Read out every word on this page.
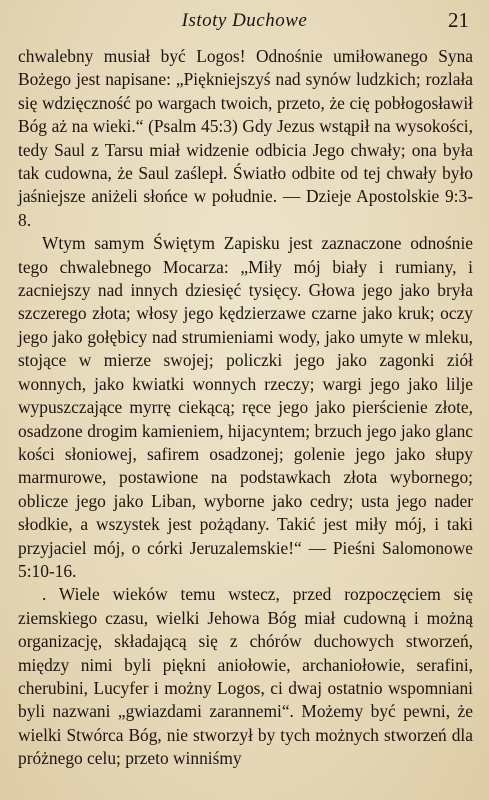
Istoty Duchowe	21

chwalebny musiał być Logos! Odnośnie umiłowanego Syna Bożego jest napisane: „Piękniejszyś nad synów ludzkich; rozlała się wdzięczność po wargach twoich, przeto, że cię pobłogosławił Bóg aż na wieki.“ (Psalm 45:3) Gdy Jezus wstąpił na wysokości, tedy Saul z Tarsu miał widzenie odbicia Jego chwały; ona była tak cudowna, że Saul zaślepł. Światło odbite od tej chwały było jaśniejsze aniżeli słońce w południe. — Dzieje Apostolskie 9:3-8.

Wtym samym Świętym Zapisku jest zaznaczone odnośnie tego chwalebnego Mocarza: „Miły mój biały i rumiany, i zacniejszy nad innych dziesięć tysięcy. Głowa jego jako bryła szczerego złota; włosy jego kędzierzawe czarne jako kruk; oczy jego jako gołębicy nad strumieniami wody, jako umyte w mleku, stojące w mierze swojej; policzki jego jako zagonki ziół wonnych, jako kwiatki wonnych rzeczy; wargi jego jako lilje wypuszczające myrrę ciekącą; ręce jego jako pierścienie złote, osadzone drogim kamieniem, hijacyntem; brzuch jego jako glanc kości słoniowej, safirem osadzonej; golenie jego jako słupy marmurowe, postawione na podstawkach złota wybornego; oblicze jego jako Liban, wyborne jako cedry; usta jego nader słodkie, a wszystek jest pożądany. Takić jest miły mój, i taki przyjaciel mój, o córki Jeruzalemskie!“ — Pieśni Salomonowe 5:10-16.

. Wiele wieków temu wstecz, przed rozpoczęciem się ziemskiego czasu, wielki Jehowa Bóg miał cudowną i możną organizację, składającą się z chórów duchowych stworzeń, między nimi byli piękni aniołowie, archaniołowie, serafini, cherubini, Lucyfer i możny Logos, ci dwaj ostatnio wspomniani byli nazwani „gwiazdami zarannemi“. Możemy być pewni, że wielki Stwórca Bóg, nie stworzył by tych możnych stworzeń dla próżnego celu; przeto winniśmy
